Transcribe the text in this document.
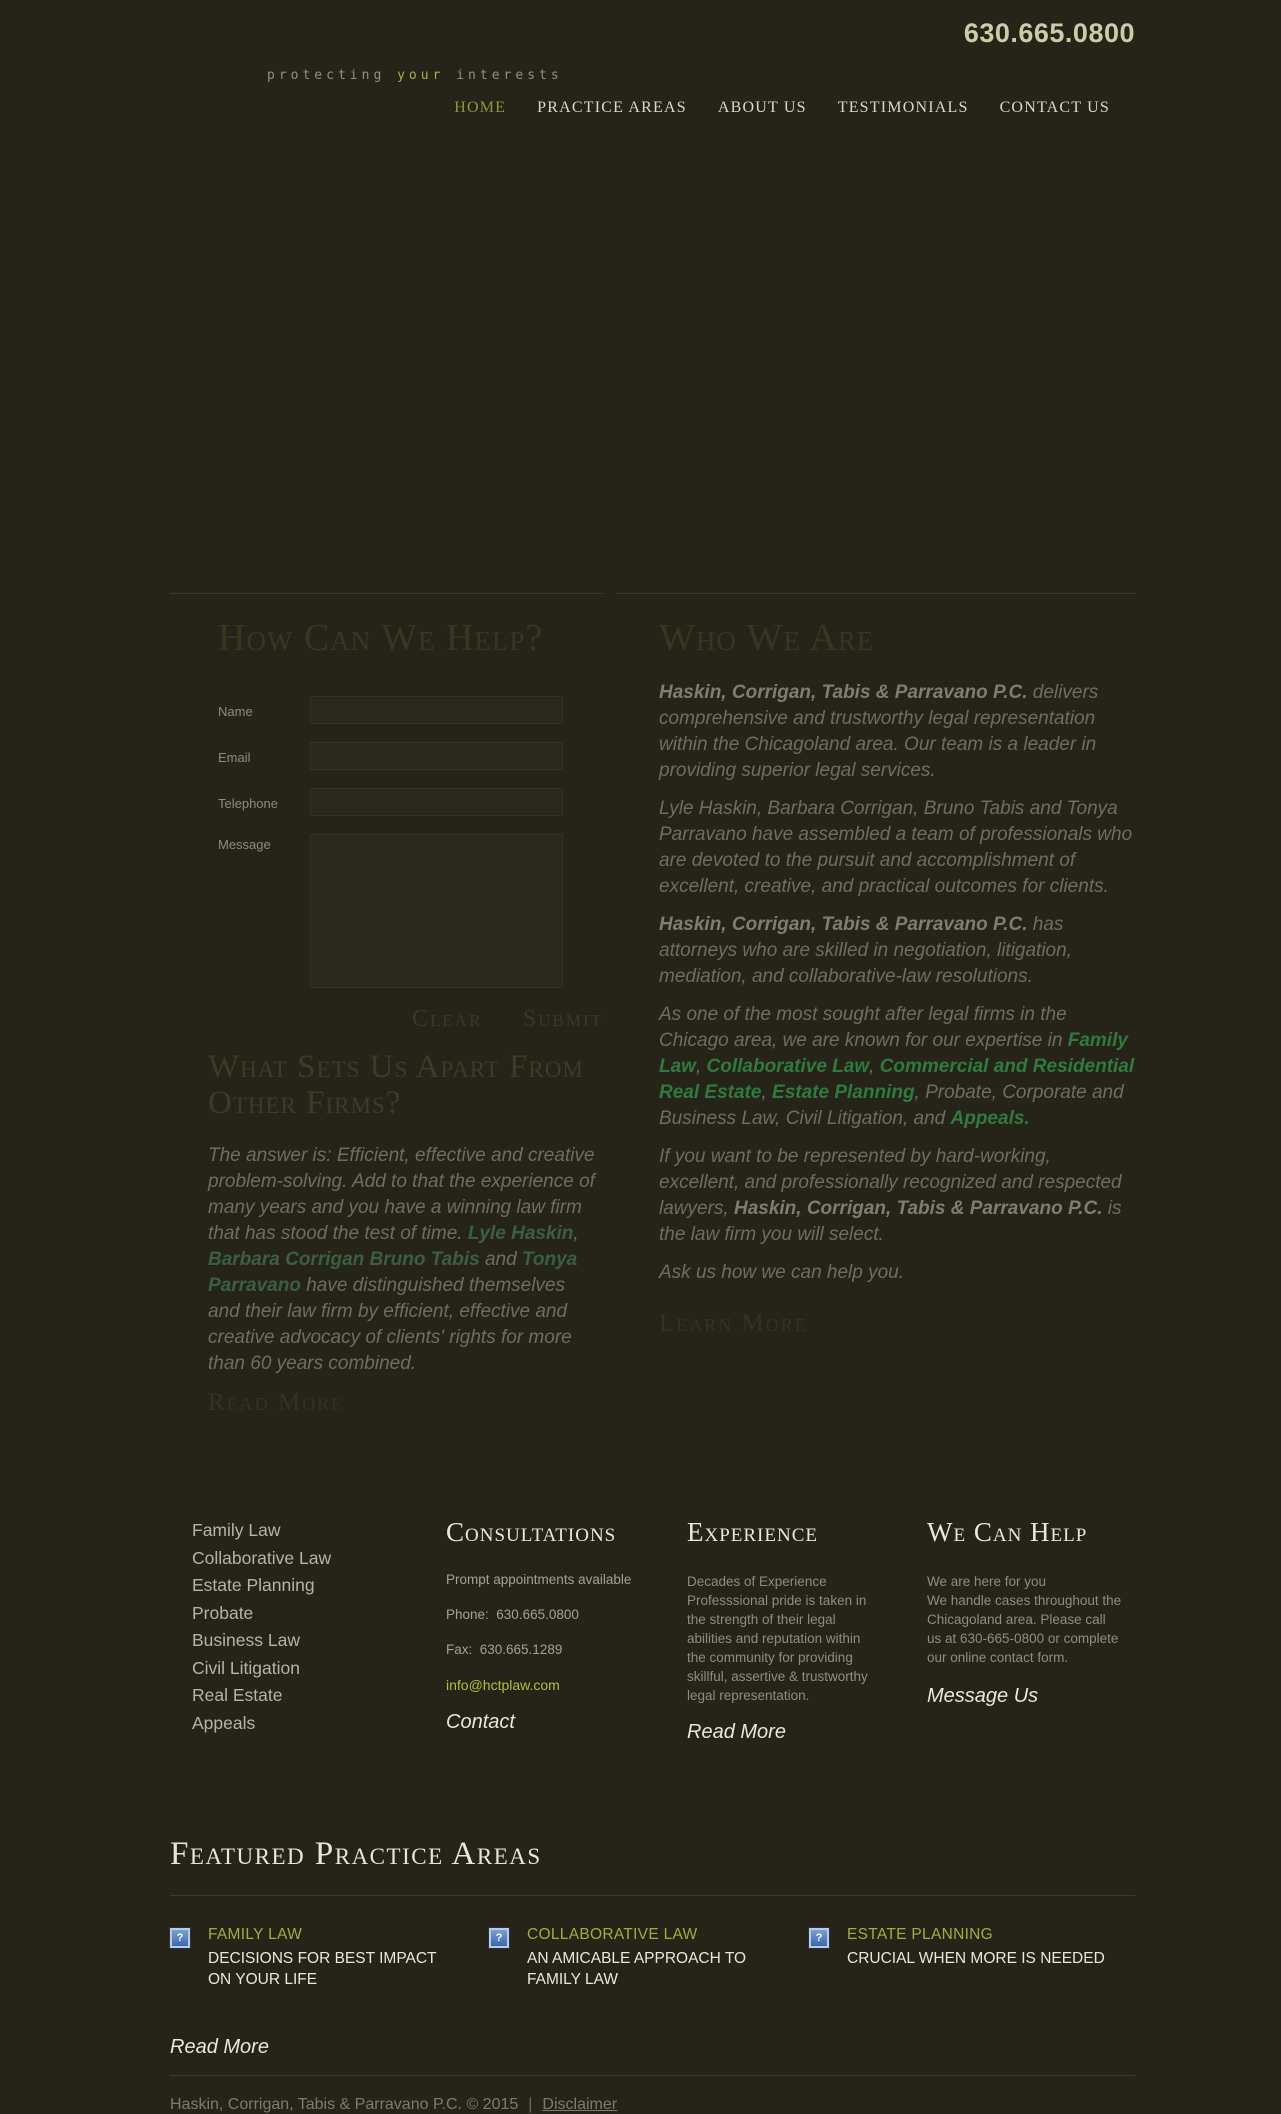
630.665.0800
protecting your interests
HOME PRACTICE AREAS ABOUT US TESTIMONIALS CONTACT US
How Can We Help?
Name
Email
Telephone
Message
Clear Submit
What Sets Us Apart From Other Firms?

The answer is: Efficient, effective and creative problem-solving. Add to that the experience of many years and you have a winning law firm that has stood the test of time. Lyle Haskin, Barbara Corrigan Bruno Tabis and Tonya Parravano have distinguished themselves and their law firm by efficient, effective and creative advocacy of clients' rights for more than 60 years combined.

Read More
Who We Are

Haskin, Corrigan, Tabis & Parravano P.C. delivers comprehensive and trustworthy legal representation within the Chicagoland area. Our team is a leader in providing superior legal services.

Lyle Haskin, Barbara Corrigan, Bruno Tabis and Tonya Parravano have assembled a team of professionals who are devoted to the pursuit and accomplishment of excellent, creative, and practical outcomes for clients.

Haskin, Corrigan, Tabis & Parravano P.C. has attorneys who are skilled in negotiation, litigation, mediation, and collaborative-law resolutions.

As one of the most sought after legal firms in the Chicago area, we are known for our expertise in Family Law, Collaborative Law, Commercial and Residential Real Estate, Estate Planning, Probate, Corporate and Business Law, Civil Litigation, and Appeals.

If you want to be represented by hard-working, excellent, and professionally recognized and respected lawyers, Haskin, Corrigan, Tabis & Parravano P.C. is the law firm you will select.

Ask us how we can help you.

Learn More
Family Law
Collaborative Law
Estate Planning
Probate
Business Law
Civil Litigation
Real Estate
Appeals
Consultations
Prompt appointments available
Phone:  630.665.0800
Fax:  630.665.1289
info@hctplaw.com
Contact
Experience
Decades of Experience
Professsional pride is taken in the strength of their legal abilities and reputation within the community for providing skillful, assertive & trustworthy legal representation.
Read More
We Can Help
We are here for you
We handle cases throughout the Chicagoland area. Please call us at 630-665-0800 or complete our online contact form.
Message Us
Featured Practice Areas
?	FAMILY LAW
DECISIONS FOR BEST IMPACT ON YOUR LIFE
?	COLLABORATIVE LAW
AN AMICABLE APPROACH TO FAMILY LAW
?	ESTATE PLANNING
CRUCIAL WHEN MORE IS NEEDED
Read More
Haskin, Corrigan, Tabis & Parravano P.C. © 2015 | Disclaimer
